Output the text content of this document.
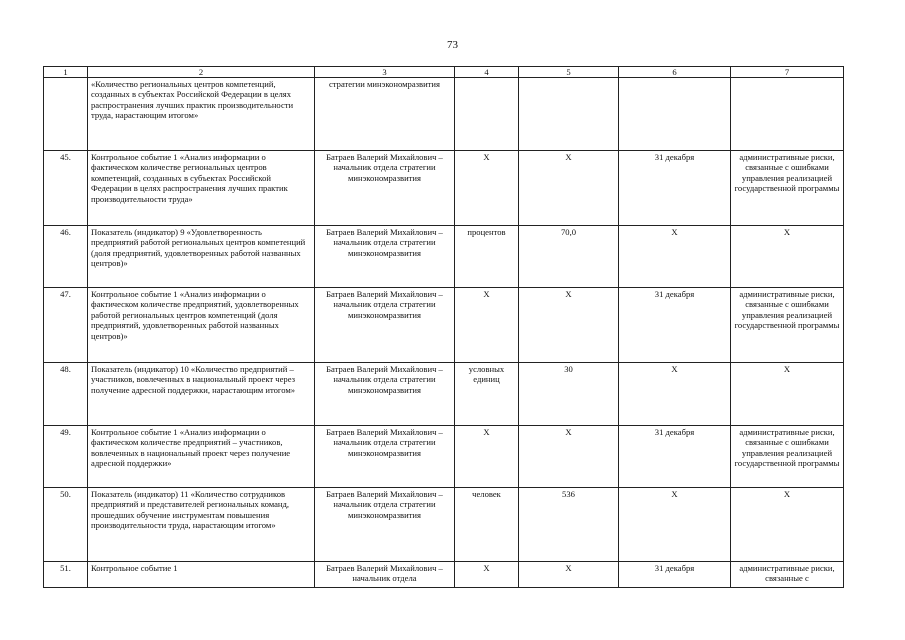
73
1	2	3	4	5	6	7
	«Количество региональных центров компетенций, созданных в субъектах Российской Федерации в целях распространения лучших практик производительности труда, нарастающим итогом»	стратегии минэкономразвития				
45.	Контрольное событие 1 «Анализ информации о фактическом количестве региональных центров компетенций, созданных в субъектах Российской Федерации в целях распространения лучших практик производительности труда»	Батраев Валерий Михайлович – начальник отдела стратегии минэкономразвития	X	X	31 декабря	административные риски, связанные с ошибками управления реализацией государственной программы
46.	Показатель (индикатор) 9 «Удовлетворенность предприятий работой региональных центров компетенций (доля предприятий, удовлетворенных работой названных центров)»	Батраев Валерий Михайлович – начальник отдела стратегии минэкономразвития	процентов	70,0	X	X
47.	Контрольное событие 1 «Анализ информации о фактическом количестве предприятий, удовлетворенных работой региональных центров компетенций (доля предприятий, удовлетворенных работой названных центров)»	Батраев Валерий Михайлович – начальник отдела стратегии минэкономразвития	X	X	31 декабря	административные риски, связанные с ошибками управления реализацией государственной программы
48.	Показатель (индикатор) 10 «Количество предприятий – участников, вовлеченных в национальный проект через получение адресной поддержки, нарастающим итогом»	Батраев Валерий Михайлович – начальник отдела стратегии минэкономразвития	условных единиц	30	X	X
49.	Контрольное событие 1 «Анализ информации о фактическом количестве предприятий – участников, вовлеченных в национальный проект через получение адресной поддержки»	Батраев Валерий Михайлович – начальник отдела стратегии минэкономразвития	X	X	31 декабря	административные риски, связанные с ошибками управления реализацией государственной программы
50.	Показатель (индикатор) 11 «Количество сотрудников предприятий и представителей региональных команд, прошедших обучение инструментам повышения производительности труда, нарастающим итогом»	Батраев Валерий Михайлович – начальник отдела стратегии минэкономразвития	человек	536	X	X
51.	Контрольное событие 1	Батраев Валерий Михайлович – начальник отдела	X	X	31 декабря	административные риски, связанные с
